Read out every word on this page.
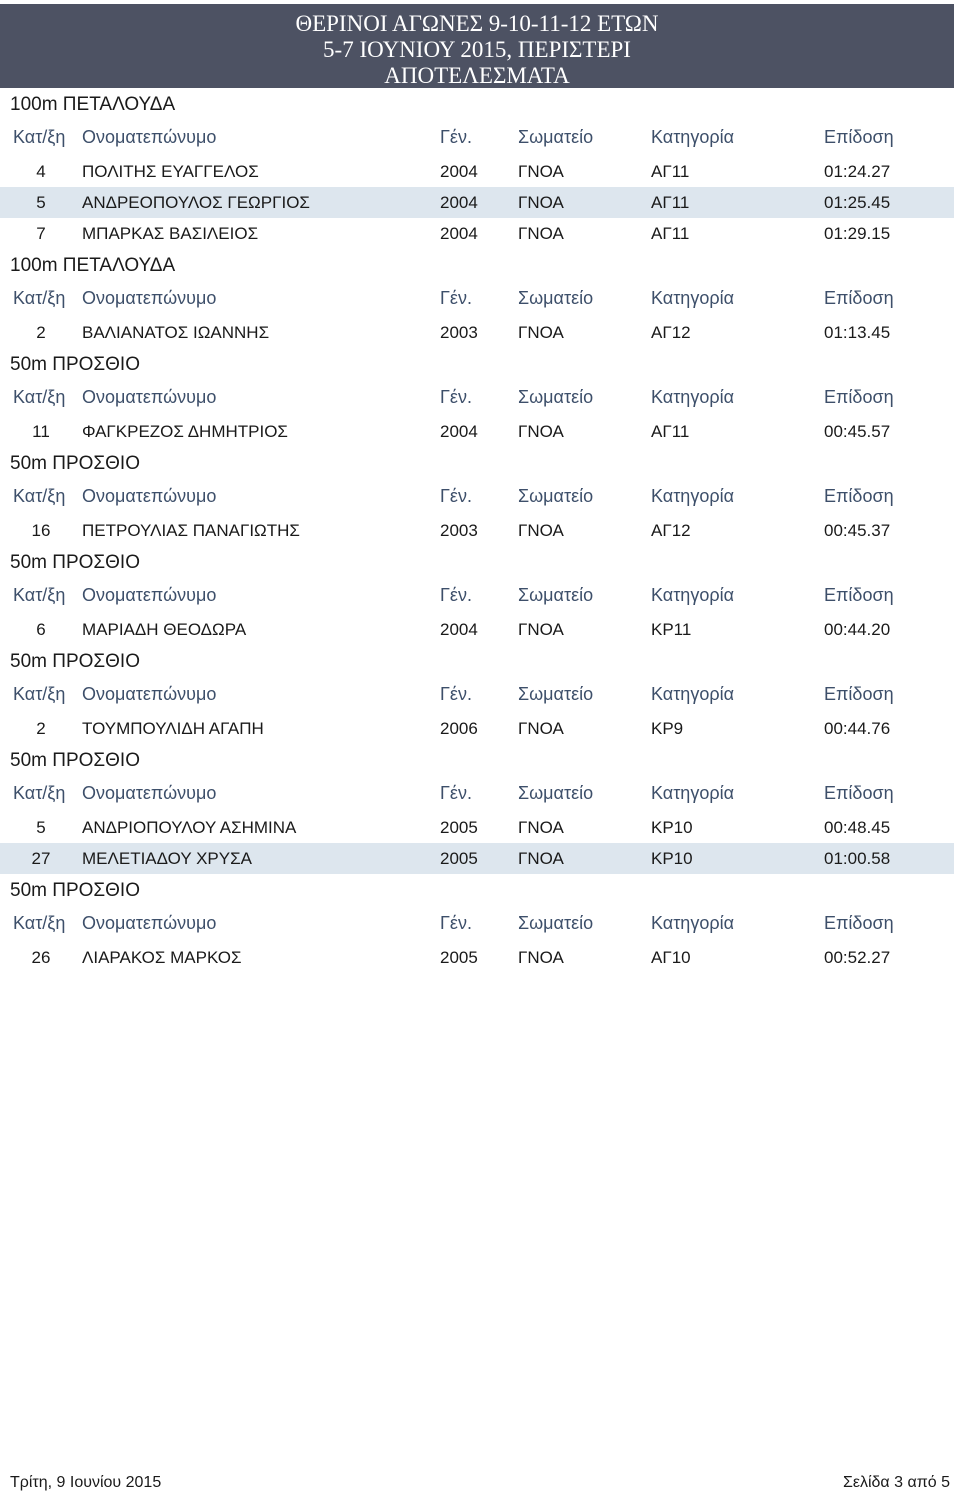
ΘΕΡΙΝΟΙ ΑΓΩΝΕΣ 9-10-11-12 ΕΤΩΝ
5-7 ΙΟΥΝΙΟΥ 2015, ΠΕΡΙΣΤΕΡΙ
ΑΠΟΤΕΛΕΣΜΑΤΑ
100m ΠΕΤΑΛΟΥΔΑ
Κατ/ξη Ονοματεπώνυμο	Γέν.	Σωματείο	Κατηγορία	Επίδοση
4	ΠΟΛΙΤΗΣ ΕΥΑΓΓΕΛΟΣ	2004 ΓΝΟΑ	ΑΓ11	01:24.27
5	ΑΝΔΡΕΟΠΟΥΛΟΣ ΓΕΩΡΓΙΟΣ	2004 ΓΝΟΑ	ΑΓ11	01:25.45
7	ΜΠΑΡΚΑΣ ΒΑΣΙΛΕΙΟΣ	2004 ΓΝΟΑ	ΑΓ11	01:29.15
100m ΠΕΤΑΛΟΥΔΑ
Κατ/ξη Ονοματεπώνυμο	Γέν.	Σωματείο	Κατηγορία	Επίδοση
2	ΒΑΛΙΑΝΑΤΟΣ ΙΩΑΝΝΗΣ	2003 ΓΝΟΑ	ΑΓ12	01:13.45
50m ΠΡΟΣΘΙΟ
Κατ/ξη Ονοματεπώνυμο	Γέν.	Σωματείο	Κατηγορία	Επίδοση
11	ΦΑΓΚΡΕΖΟΣ ΔΗΜΗΤΡΙΟΣ	2004 ΓΝΟΑ	ΑΓ11	00:45.57
50m ΠΡΟΣΘΙΟ
Κατ/ξη Ονοματεπώνυμο	Γέν.	Σωματείο	Κατηγορία	Επίδοση
16	ΠΕΤΡΟΥΛΙΑΣ ΠΑΝΑΓΙΩΤΗΣ	2003 ΓΝΟΑ	ΑΓ12	00:45.37
50m ΠΡΟΣΘΙΟ
Κατ/ξη Ονοματεπώνυμο	Γέν.	Σωματείο	Κατηγορία	Επίδοση
6	ΜΑΡΙΑΔΗ ΘΕΟΔΩΡΑ	2004 ΓΝΟΑ	ΚΡ11	00:44.20
50m ΠΡΟΣΘΙΟ
Κατ/ξη Ονοματεπώνυμο	Γέν.	Σωματείο	Κατηγορία	Επίδοση
2	ΤΟΥΜΠΟΥΛΙΔΗ ΑΓΑΠΗ	2006 ΓΝΟΑ	ΚΡ9	00:44.76
50m ΠΡΟΣΘΙΟ
Κατ/ξη Ονοματεπώνυμο	Γέν.	Σωματείο	Κατηγορία	Επίδοση
5	ΑΝΔΡΙΟΠΟΥΛΟΥ ΑΣΗΜΙΝΑ	2005 ΓΝΟΑ	ΚΡ10	00:48.45
27	ΜΕΛΕΤΙΑΔΟΥ ΧΡΥΣΑ	2005 ΓΝΟΑ	ΚΡ10	01:00.58
50m ΠΡΟΣΘΙΟ
Κατ/ξη Ονοματεπώνυμο	Γέν.	Σωματείο	Κατηγορία	Επίδοση
26	ΛΙΑΡΑΚΟΣ ΜΑΡΚΟΣ	2005 ΓΝΟΑ	ΑΓ10	00:52.27
Τρίτη, 9 Ιουνίου 2015	Σελίδα 3 από 5
